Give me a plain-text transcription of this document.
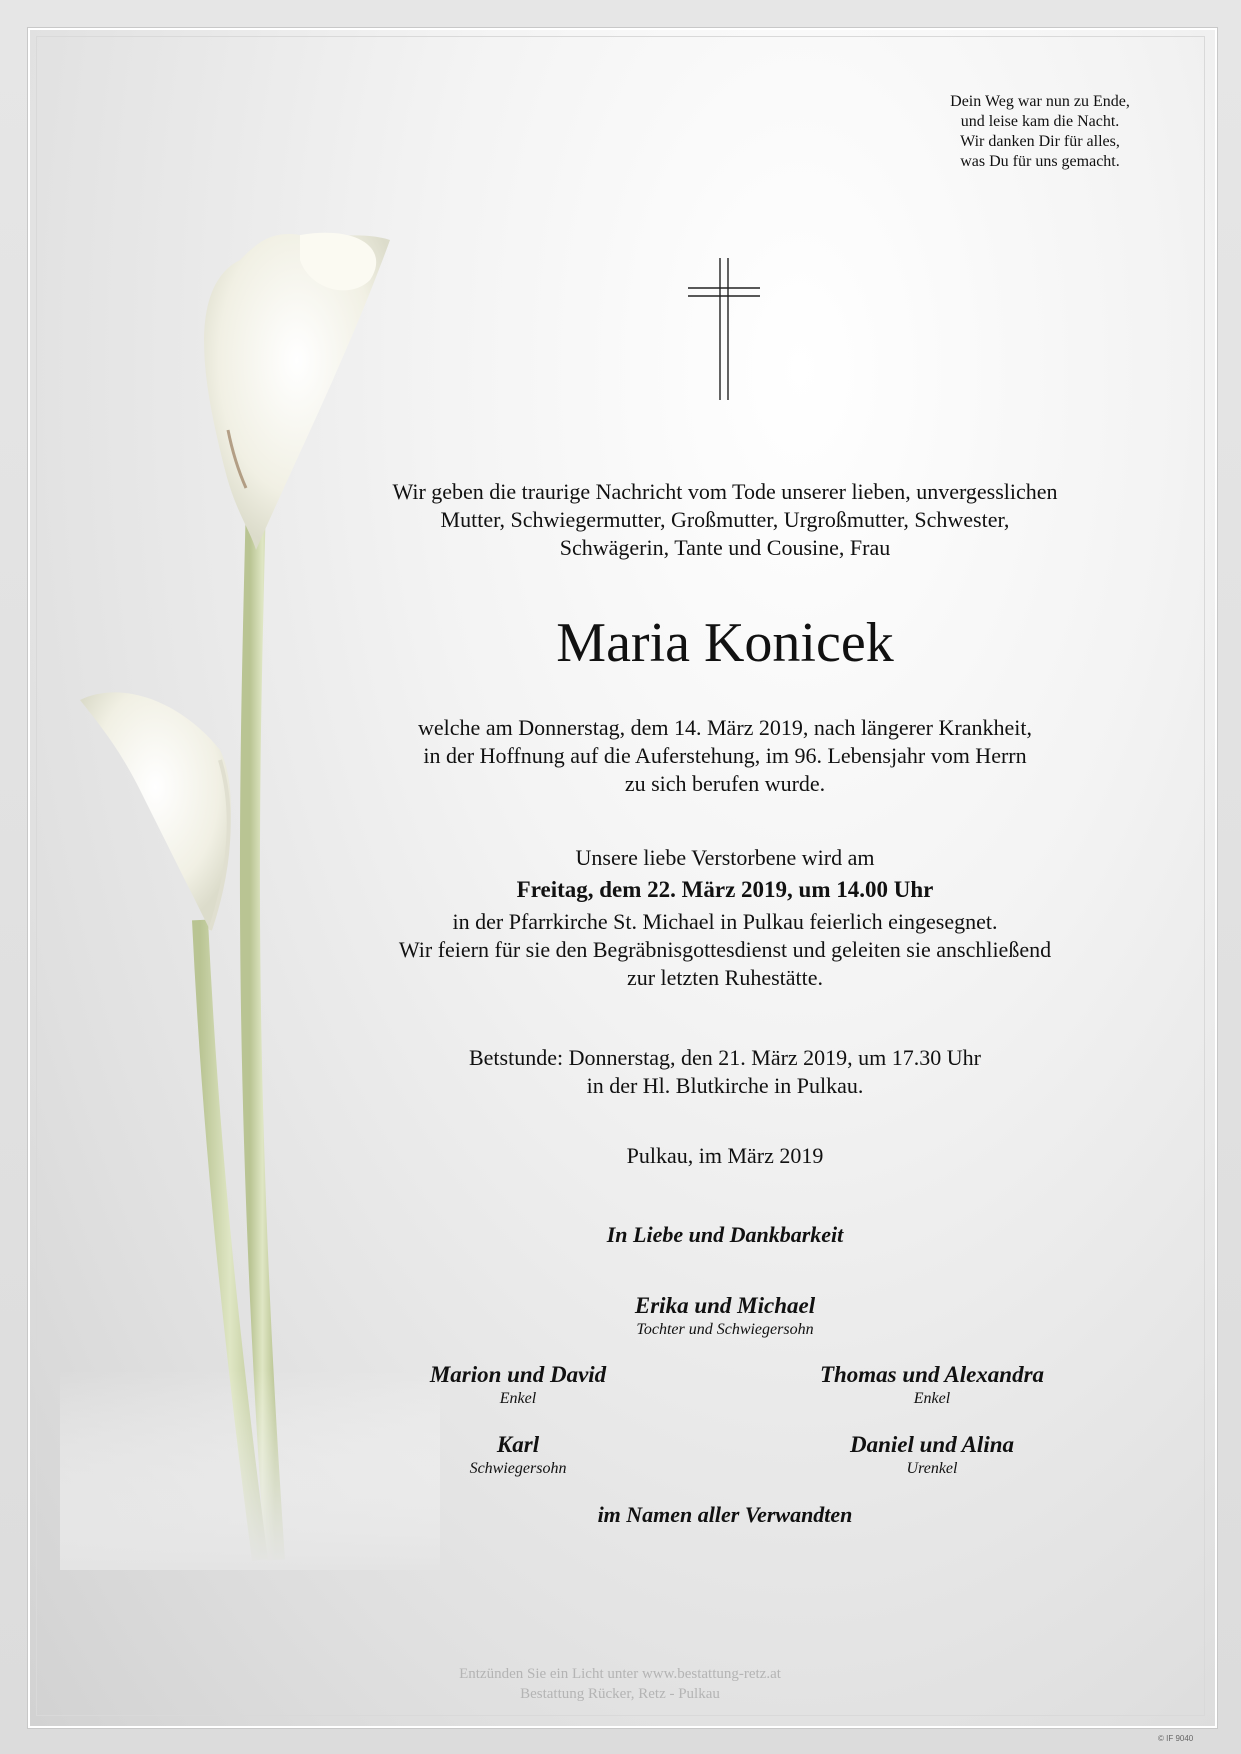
Dein Weg war nun zu Ende,
und leise kam die Nacht.
Wir danken Dir für alles,
was Du für uns gemacht.
Wir geben die traurige Nachricht vom Tode unserer lieben, unvergesslichen
Mutter, Schwiegermutter, Großmutter, Urgroßmutter, Schwester,
Schwägerin, Tante und Cousine, Frau
Maria Konicek
welche am Donnerstag, dem 14. März 2019, nach längerer Krankheit,
in der Hoffnung auf die Auferstehung, im 96. Lebensjahr vom Herrn
zu sich berufen wurde.
Unsere liebe Verstorbene wird am
Freitag, dem 22. März 2019, um 14.00 Uhr
in der Pfarrkirche St. Michael in Pulkau feierlich eingesegnet.
Wir feiern für sie den Begräbnisgottesdienst und geleiten sie anschließend
zur letzten Ruhestätte.
Betstunde: Donnerstag, den 21. März 2019, um 17.30 Uhr
in der Hl. Blutkirche in Pulkau.
Pulkau, im März 2019
In Liebe und Dankbarkeit
Erika und Michael
Tochter und Schwiegersohn
Marion und David
Enkel
Thomas und Alexandra
Enkel
Karl
Schwiegersohn
Daniel und Alina
Urenkel
im Namen aller Verwandten
Entzünden Sie ein Licht unter www.bestattung-retz.at
Bestattung Rücker, Retz - Pulkau
© IF 9040
